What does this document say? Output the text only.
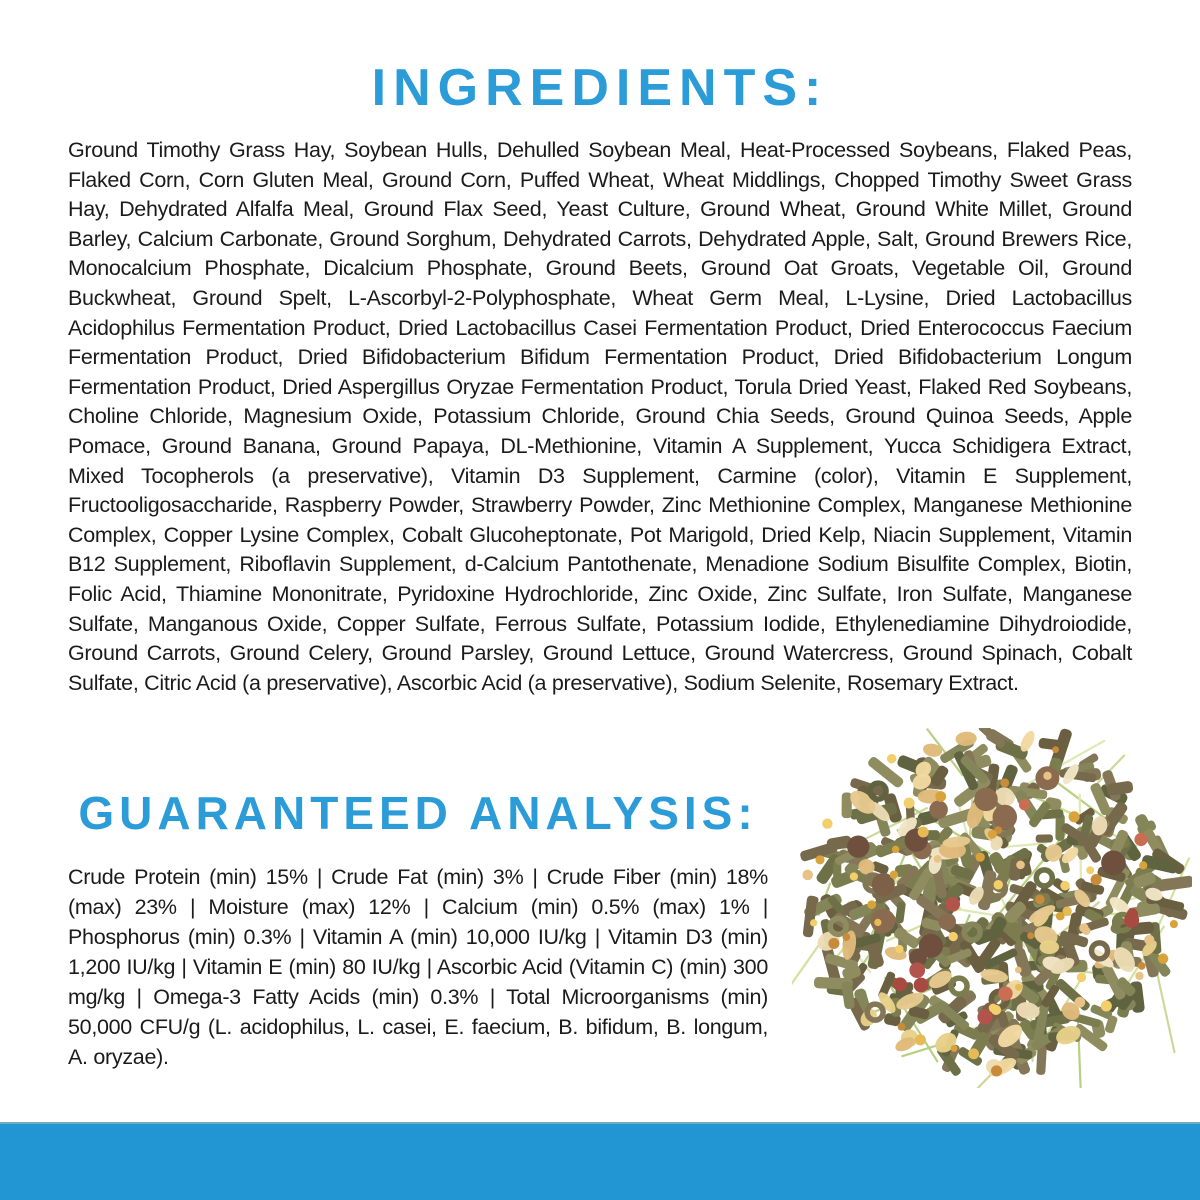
INGREDIENTS:

Ground Timothy Grass Hay, Soybean Hulls, Dehulled Soybean Meal, Heat-Processed Soybeans, Flaked Peas, Flaked Corn, Corn Gluten Meal, Ground Corn, Puffed Wheat, Wheat Middlings, Chopped Timothy Sweet Grass Hay, Dehydrated Alfalfa Meal, Ground Flax Seed, Yeast Culture, Ground Wheat, Ground White Millet, Ground Barley, Calcium Carbonate, Ground Sorghum, Dehydrated Carrots, Dehydrated Apple, Salt, Ground Brewers Rice, Monocalcium Phosphate, Dicalcium Phosphate, Ground Beets, Ground Oat Groats, Vegetable Oil, Ground Buckwheat, Ground Spelt, L-Ascorbyl-2-Polyphosphate, Wheat Germ Meal, L-Lysine, Dried Lactobacillus Acidophilus Fermentation Product, Dried Lactobacillus Casei Fermentation Product, Dried Enterococcus Faecium Fermentation Product, Dried Bifidobacterium Bifidum Fermentation Product, Dried Bifidobacterium Longum Fermentation Product, Dried Aspergillus Oryzae Fermentation Product, Torula Dried Yeast, Flaked Red Soybeans, Choline Chloride, Magnesium Oxide, Potassium Chloride, Ground Chia Seeds, Ground Quinoa Seeds, Apple Pomace, Ground Banana, Ground Papaya, DL-Methionine, Vitamin A Supplement, Yucca Schidigera Extract, Mixed Tocopherols (a preservative), Vitamin D3 Supplement, Carmine (color), Vitamin E Supplement, Fructooligosaccharide, Raspberry Powder, Strawberry Powder, Zinc Methionine Complex, Manganese Methionine Complex, Copper Lysine Complex, Cobalt Glucoheptonate, Pot Marigold, Dried Kelp, Niacin Supplement, Vitamin B12 Supplement, Riboflavin Supplement, d-Calcium Pantothenate, Menadione Sodium Bisulfite Complex, Biotin, Folic Acid, Thiamine Mononitrate, Pyridoxine Hydrochloride, Zinc Oxide, Zinc Sulfate, Iron Sulfate, Manganese Sulfate, Manganous Oxide, Copper Sulfate, Ferrous Sulfate, Potassium Iodide, Ethylenediamine Dihydroiodide, Ground Carrots, Ground Celery, Ground Parsley, Ground Lettuce, Ground Watercress, Ground Spinach, Cobalt Sulfate, Citric Acid (a preservative), Ascorbic Acid (a preservative), Sodium Selenite, Rosemary Extract.

GUARANTEED ANALYSIS:

Crude Protein (min) 15% | Crude Fat (min) 3% | Crude Fiber (min) 18% (max) 23% | Moisture (max) 12% | Calcium (min) 0.5% (max) 1% | Phosphorus (min) 0.3% | Vitamin A (min) 10,000 IU/kg | Vitamin D3 (min) 1,200 IU/kg | Vitamin E (min) 80 IU/kg | Ascorbic Acid (Vitamin C) (min) 300 mg/kg | Omega-3 Fatty Acids (min) 0.3% | Total Microorganisms (min) 50,000 CFU/g (L. acidophilus, L. casei, E. faecium, B. bifidum, B. longum, A. oryzae).
